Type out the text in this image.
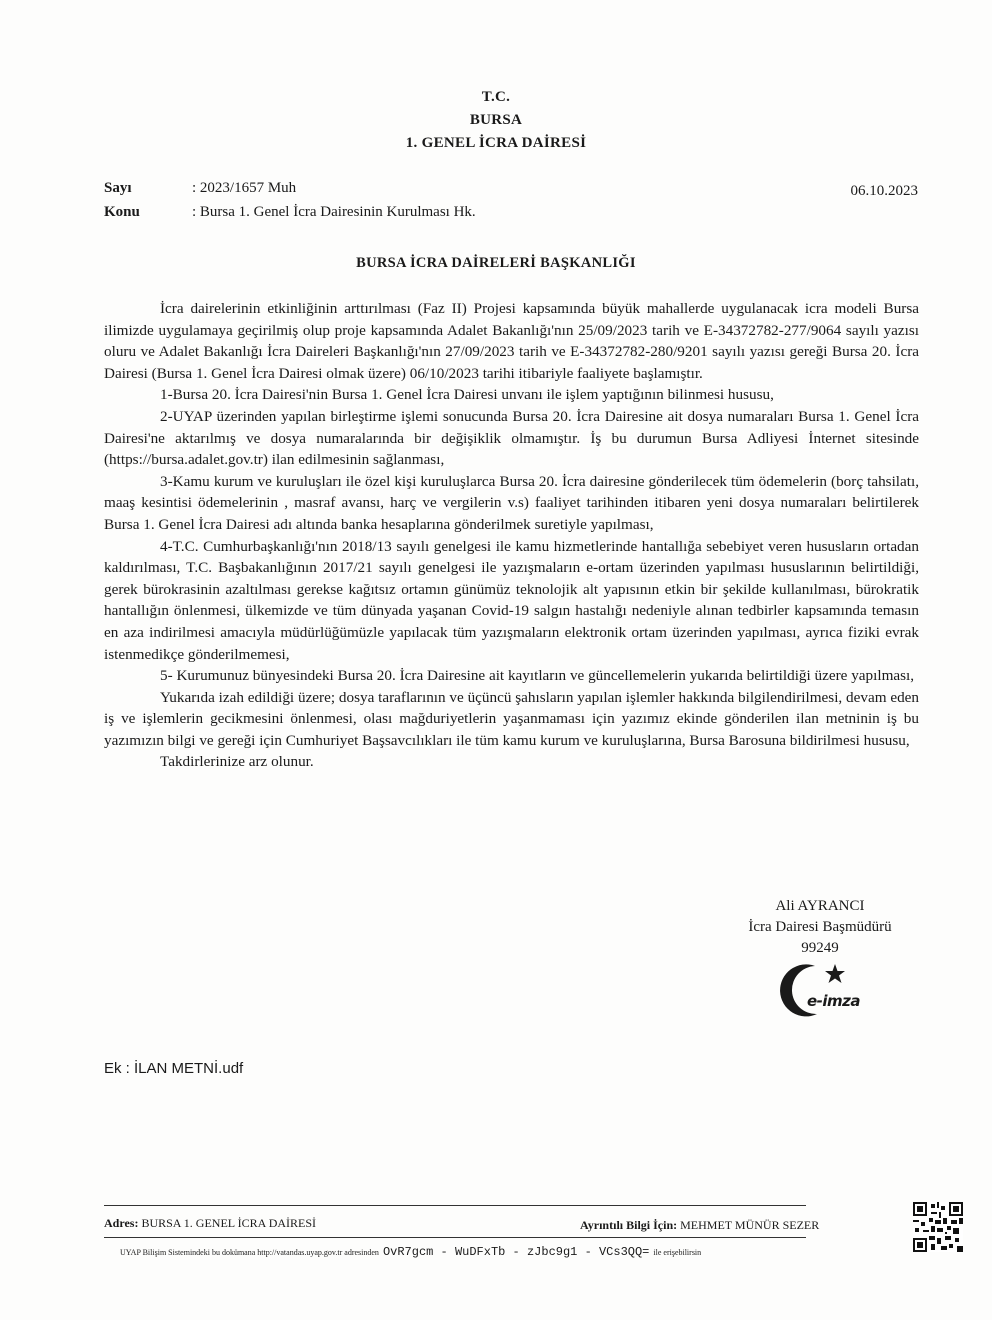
T.C.
BURSA
1. GENEL İCRA DAİRESİ
Sayı	: 2023/1657 Muh
Konu	: Bursa 1. Genel İcra Dairesinin Kurulması Hk.
06.10.2023
BURSA İCRA DAİRELERİ BAŞKANLIĞI

İcra dairelerinin etkinliğinin arttırılması (Faz II) Projesi kapsamında büyük mahallerde uygulanacak icra modeli Bursa ilimizde uygulamaya geçirilmiş olup proje kapsamında Adalet Bakanlığı'nın 25/09/2023 tarih ve E-34372782-277/9064 sayılı yazısı oluru ve Adalet Bakanlığı İcra Daireleri Başkanlığı'nın 27/09/2023 tarih ve E-34372782-280/9201 sayılı yazısı gereği Bursa 20. İcra Dairesi (Bursa 1. Genel İcra Dairesi olmak üzere) 06/10/2023 tarihi itibariyle faaliyete başlamıştır.

1-Bursa 20. İcra Dairesi'nin Bursa 1. Genel İcra Dairesi unvanı ile işlem yaptığının bilinmesi hususu,

2-UYAP üzerinden yapılan birleştirme işlemi sonucunda Bursa 20. İcra Dairesine ait dosya numaraları Bursa 1. Genel İcra Dairesi'ne aktarılmış ve dosya numaralarında bir değişiklik olmamıştır. İş bu durumun Bursa Adliyesi İnternet sitesinde (https://bursa.adalet.gov.tr) ilan edilmesinin sağlanması,

3-Kamu kurum ve kuruluşları ile özel kişi kuruluşlarca Bursa 20. İcra dairesine gönderilecek tüm ödemelerin (borç tahsilatı, maaş kesintisi ödemelerinin , masraf avansı, harç ve vergilerin v.s) faaliyet tarihinden itibaren yeni dosya numaraları belirtilerek Bursa 1. Genel İcra Dairesi adı altında banka hesaplarına gönderilmek suretiyle yapılması,

4-T.C. Cumhurbaşkanlığı'nın 2018/13 sayılı genelgesi ile kamu hizmetlerinde hantallığa sebebiyet veren hususların ortadan kaldırılması, T.C. Başbakanlığının 2017/21 sayılı genelgesi ile yazışmaların e-ortam üzerinden yapılması hususlarının belirtildiği, gerek bürokrasinin azaltılması gerekse kağıtsız ortamın günümüz teknolojik alt yapısının etkin bir şekilde kullanılması, bürokratik hantallığın önlenmesi, ülkemizde ve tüm dünyada yaşanan Covid-19 salgın hastalığı nedeniyle alınan tedbirler kapsamında temasın en aza indirilmesi amacıyla müdürlüğümüzle yapılacak tüm yazışmaların elektronik ortam üzerinden yapılması, ayrıca fiziki evrak istenmedikçe gönderilmemesi,

5- Kurumunuz bünyesindeki Bursa 20. İcra Dairesine ait kayıtların ve güncellemelerin yukarıda belirtildiği üzere yapılması,

Yukarıda izah edildiği üzere; dosya taraflarının ve üçüncü şahısların yapılan işlemler hakkında bilgilendirilmesi, devam eden iş ve işlemlerin gecikmesini önlenmesi, olası mağduriyetlerin yaşanmaması için yazımız ekinde gönderilen ilan metninin iş bu yazımızın bilgi ve gereği için Cumhuriyet Başsavcılıkları ile tüm kamu kurum ve kuruluşlarına, Bursa Barosuna bildirilmesi hususu,

Takdirlerinize arz olunur.

Ali AYRANCI
İcra Dairesi Başmüdürü
99249
e-imza
Ek : İLAN METNİ.udf
Adres: BURSA 1. GENEL İCRA DAİRESİ	Ayrıntılı Bilgi İçin: MEHMET MÜNÜR SEZER
UYAP Bilişim Sistemindeki bu dokümana http://vatandas.uyap.gov.tr adresinden OvR7gcm - WuDFxTb - zJbc9g1 - VCs3QQ= ile erişebilirsin
